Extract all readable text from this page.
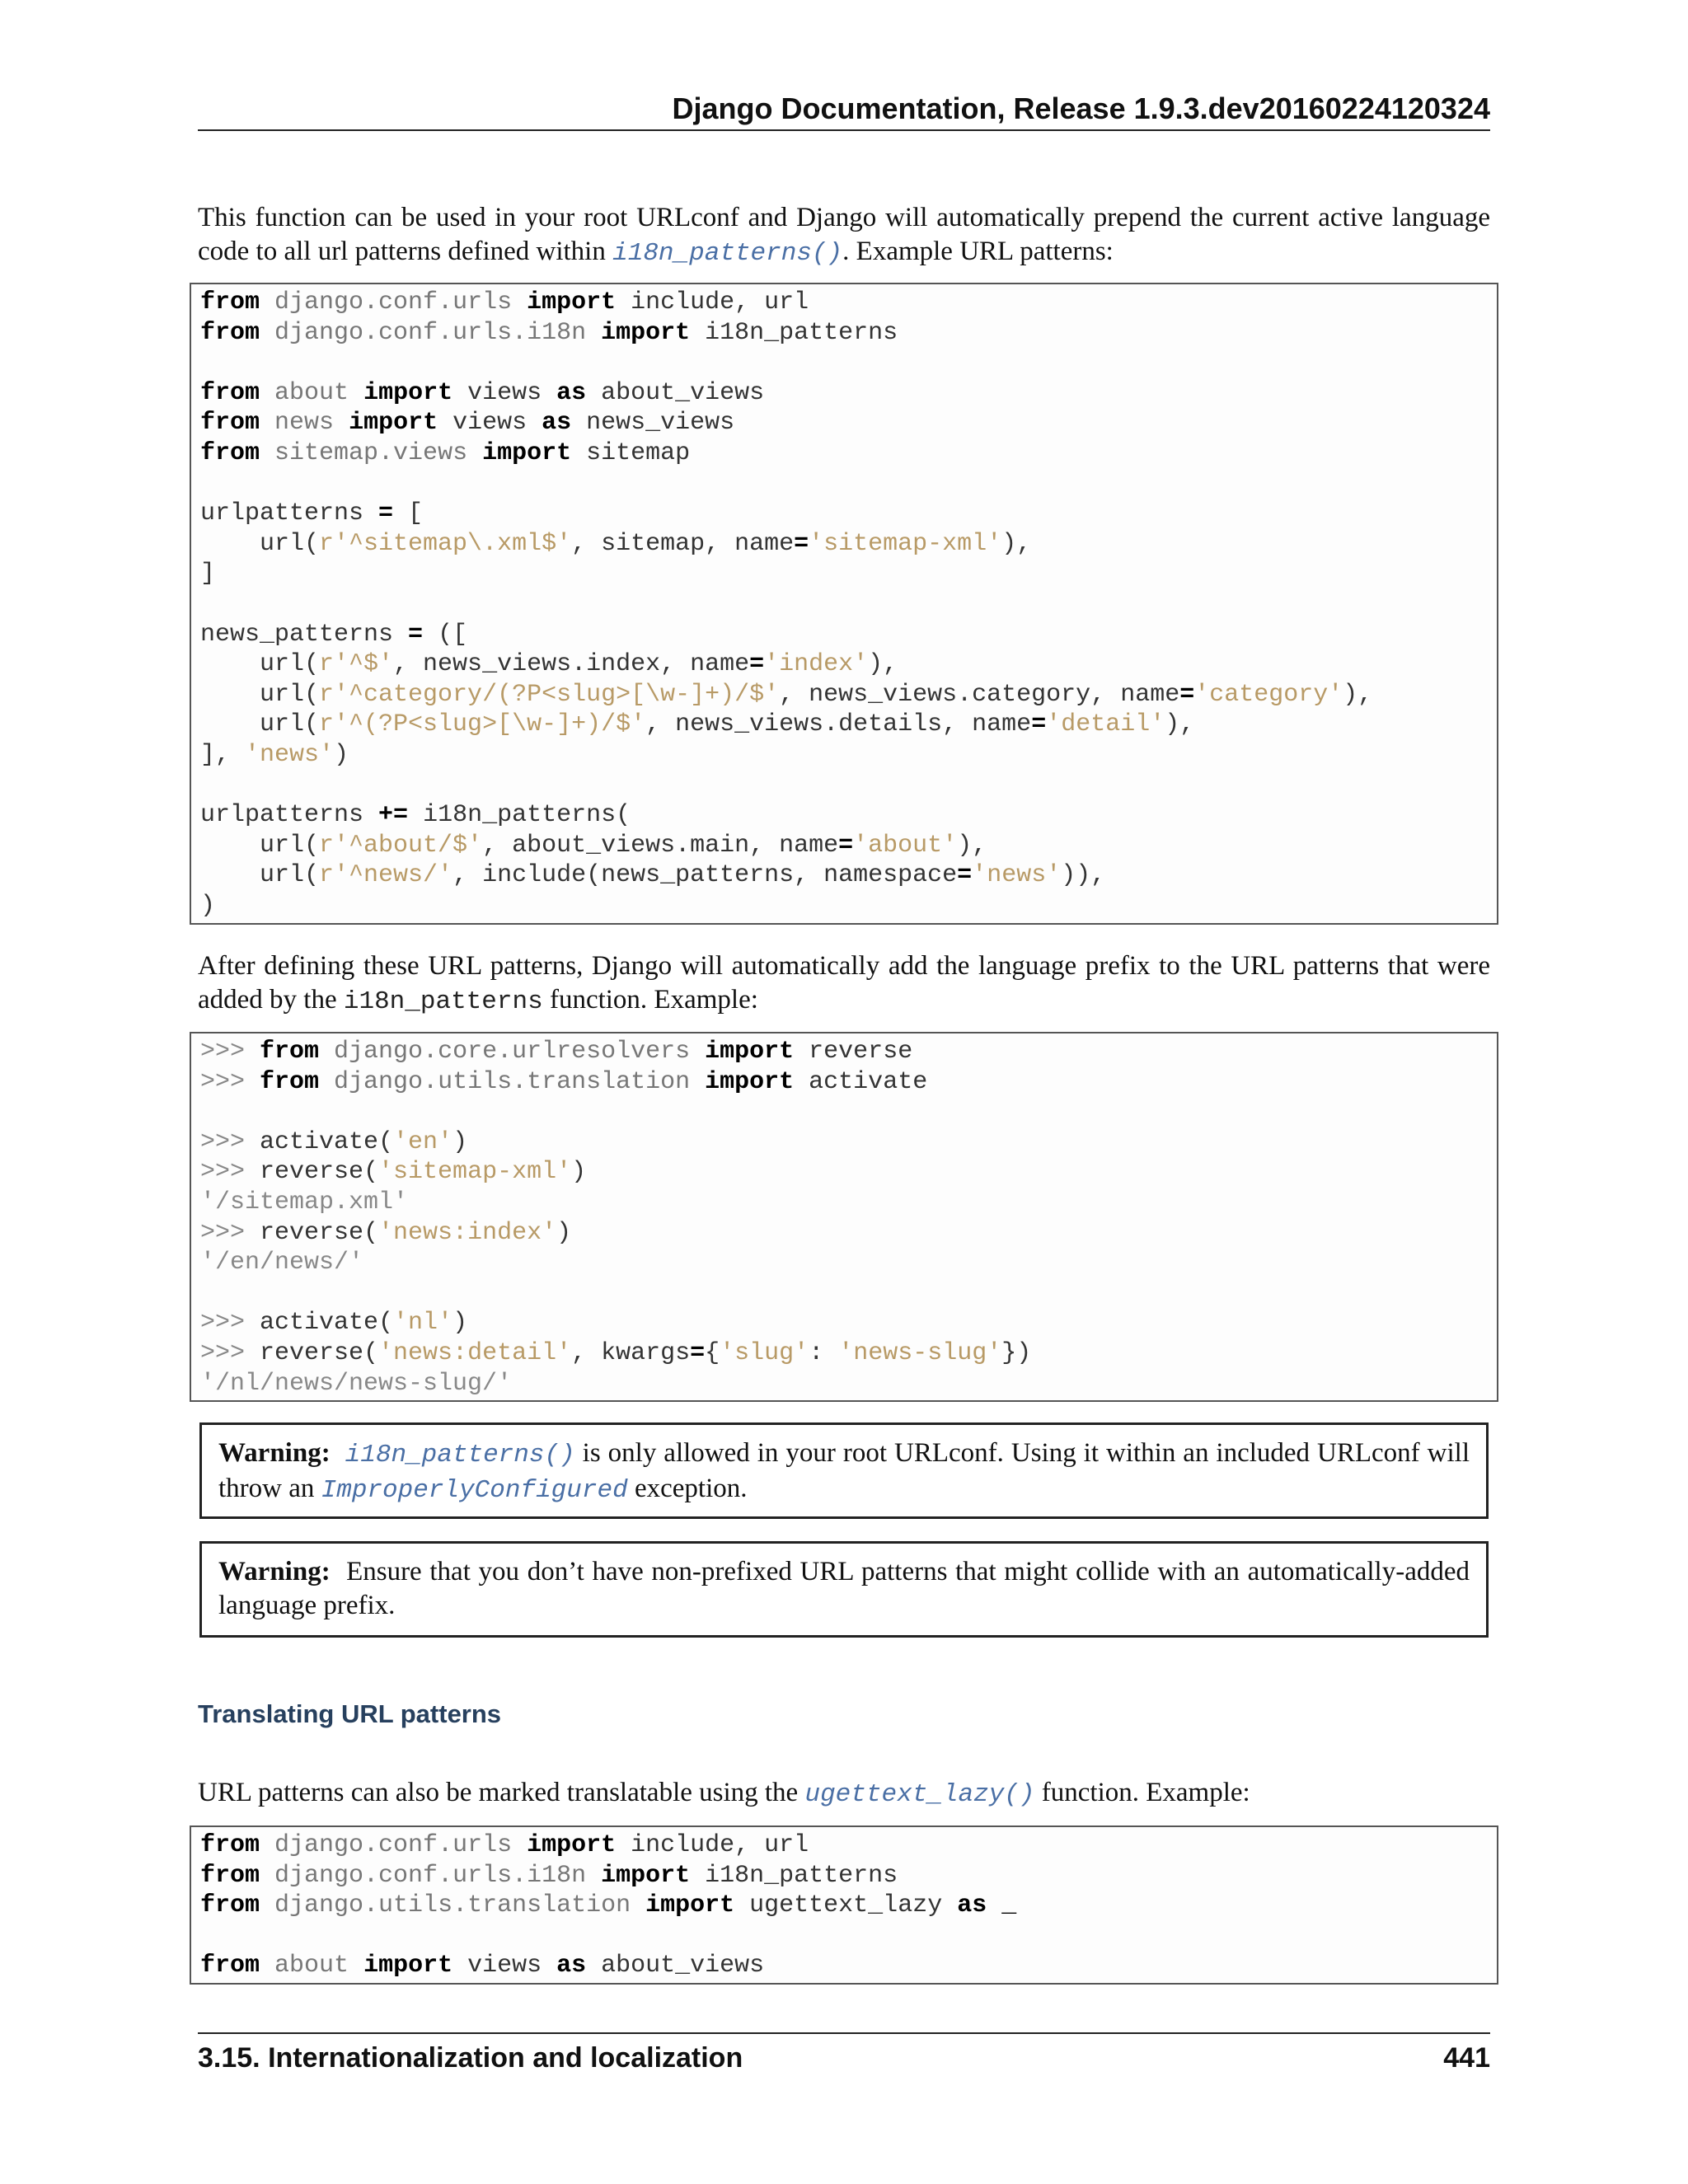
Django Documentation, Release 1.9.3.dev20160224120324

This function can be used in your root URLconf and Django will automatically prepend the current active language code to all url patterns defined within i18n_patterns(). Example URL patterns:

from django.conf.urls import include, url
from django.conf.urls.i18n import i18n_patterns

from about import views as about_views
from news import views as news_views
from sitemap.views import sitemap

urlpatterns = [
url(r'^sitemap\.xml$', sitemap, name='sitemap-xml'),
]

news_patterns = ([
url(r'^$', news_views.index, name='index'),
url(r'^category/(?P<slug>[\w-]+)/$', news_views.category, name='category'),
url(r'^(?P<slug>[\w-]+)/$', news_views.details, name='detail'),
], 'news')

urlpatterns += i18n_patterns(
url(r'^about/$', about_views.main, name='about'),
url(r'^news/', include(news_patterns, namespace='news')),
)

After defining these URL patterns, Django will automatically add the language prefix to the URL patterns that were added by the i18n_patterns function. Example:

>>> from django.core.urlresolvers import reverse
>>> from django.utils.translation import activate

>>> activate('en')
>>> reverse('sitemap-xml')
'/sitemap.xml'
>>> reverse('news:index')
'/en/news/'

>>> activate('nl')
>>> reverse('news:detail', kwargs={'slug': 'news-slug'})
'/nl/news/news-slug/'
Warning: i18n_patterns() is only allowed in your root URLconf. Using it within an included URLconf will throw an ImproperlyConfigured exception.
Warning: Ensure that you don’t have non-prefixed URL patterns that might collide with an automatically-added language prefix.
Translating URL patterns

URL patterns can also be marked translatable using the ugettext_lazy() function. Example:

from django.conf.urls import include, url
from django.conf.urls.i18n import i18n_patterns
from django.utils.translation import ugettext_lazy as _

from about import views as about_views
3.15. Internationalization and localization	441
